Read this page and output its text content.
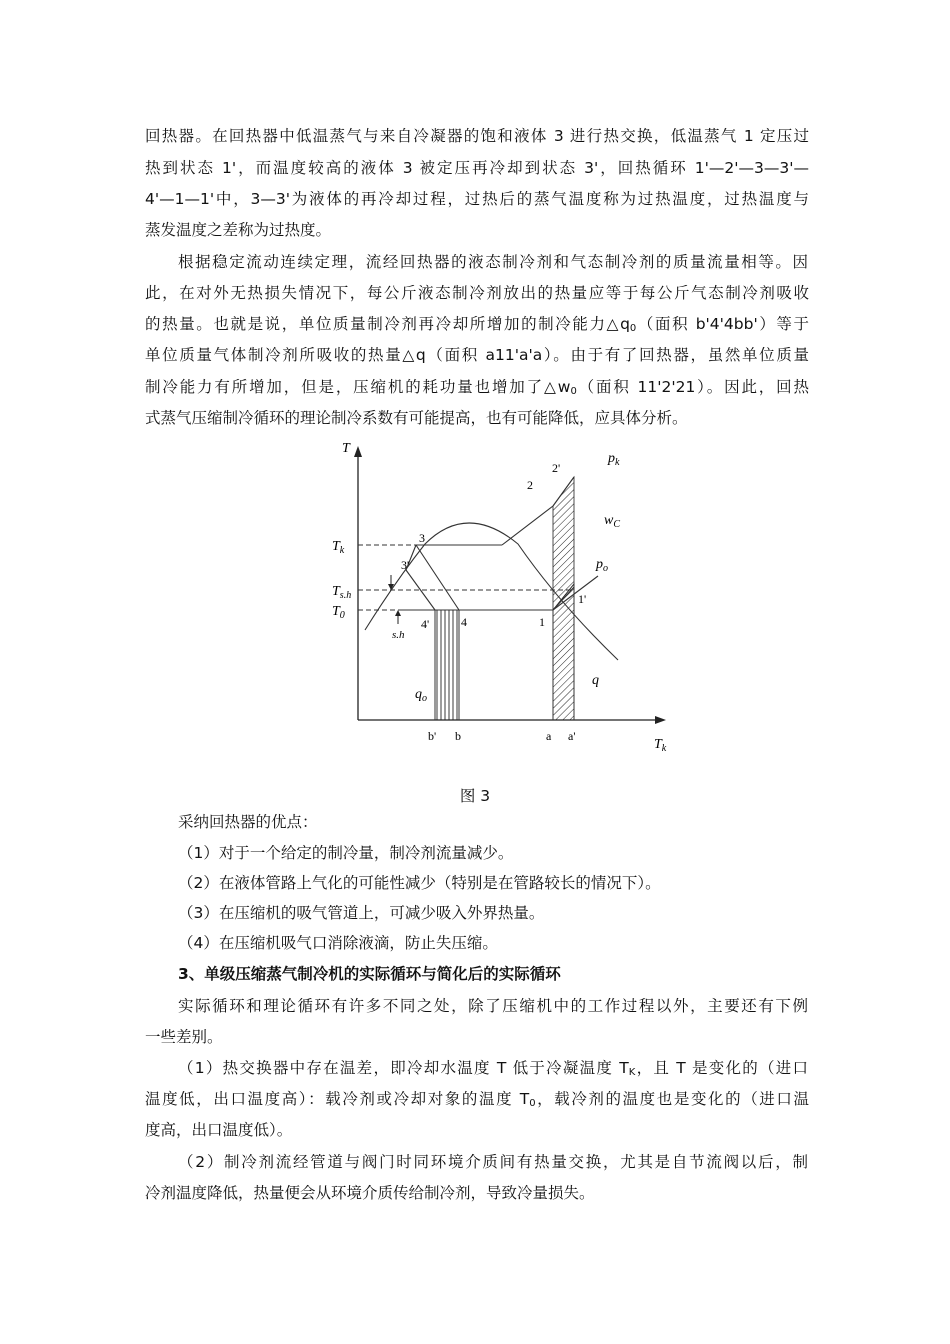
回热器。在回热器中低温蒸气与来自冷凝器的饱和液体 3 进行热交换，低温蒸气 1 定压过
热到状态 1'，而温度较高的液体 3 被定压再冷却到状态 3'，回热循环 1'—2'—3—3'—
4'—1—1'中，3—3'为液体的再冷却过程，过热后的蒸气温度称为过热温度，过热温度与
蒸发温度之差称为过热度。
根据稳定流动连续定理，流经回热器的液态制冷剂和气态制冷剂的质量流量相等。因
此，在对外无热损失情况下，每公斤液态制冷剂放出的热量应等于每公斤气态制冷剂吸收
的热量。也就是说，单位质量制冷剂再冷却所增加的制冷能力$\triangle q_0$（面积 b'4'4bb'）等于
单位质量气体制冷剂所吸收的热量△q（面积 a11'a'a）。由于有了回热器，虽然单位质量
制冷能力有所增加，但是，压缩机的耗功量也增加了$\triangle w_0$（面积 11'2'21）。因此，回热
式蒸气压缩制冷循环的理论制冷系数有可能提高，也有可能降低，应具体分析。
T
$T_k$
$T_k$
$T_{s.h}$
$T_0$
s.h
2'
2
3
3'
4'	4	1
1'
$p_k$
$p_o$
$w_C$
$q_o$
q
b' b	a a'
图 3
采纳回热器的优点：
（1）对于一个给定的制冷量，制冷剂流量减少。
（2）在液体管路上气化的可能性减少（特别是在管路较长的情况下）。
（3）在压缩机的吸气管道上，可减少吸入外界热量。
（4）在压缩机吸气口消除液滴，防止失压缩。
3、单级压缩蒸气制冷机的实际循环与简化后的实际循环
实际循环和理论循环有许多不同之处，除了压缩机中的工作过程以外，主要还有下例
一些差别。
（1）热交换器中存在温差，即冷却水温度 T 低于冷凝温度 $T_K$，且 T 是变化的（进口
温度低，出口温度高）：载冷剂或冷却对象的温度 $T_0$，载冷剂的温度也是变化的（进口温
度高，出口温度低）。
（2）制冷剂流经管道与阀门时同环境介质间有热量交换，尤其是自节流阀以后，制
冷剂温度降低，热量便会从环境介质传给制冷剂，导致冷量损失。
